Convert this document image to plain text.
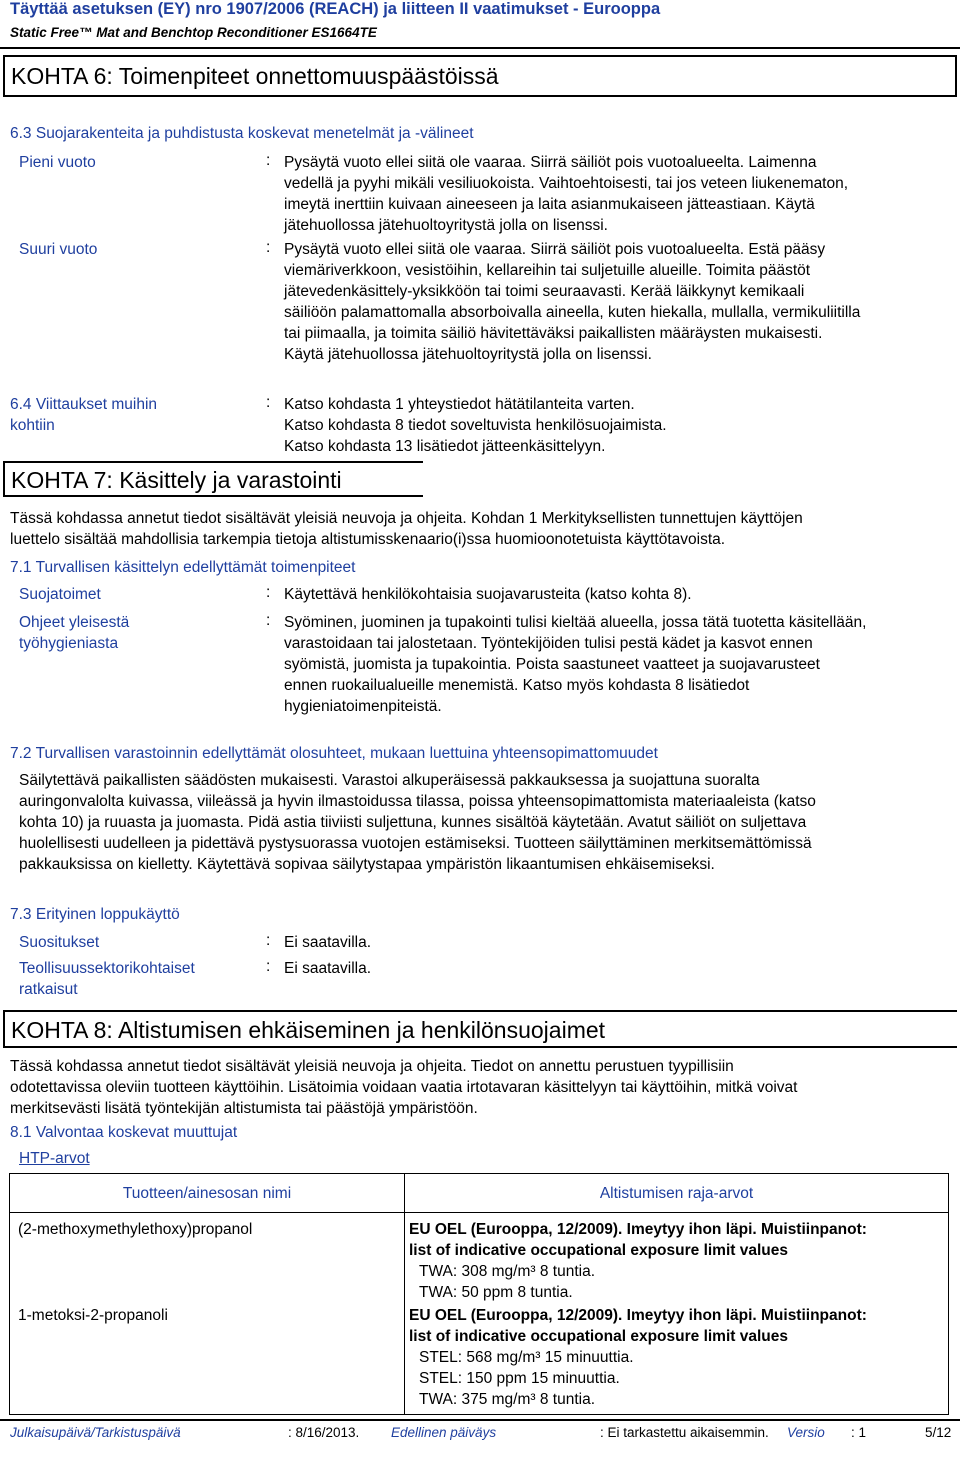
Täyttää asetuksen (EY) nro 1907/2006 (REACH) ja liitteen II vaatimukset - Eurooppa
Static Free™ Mat and Benchtop Reconditioner ES1664TE
KOHTA 6: Toimenpiteet onnettomuuspäästöissä
6.3 Suojarakenteita ja puhdistusta koskevat menetelmät ja -välineet
Pieni vuoto	: Pysäytä vuoto ellei siitä ole vaaraa. Siirrä säiliöt pois vuotoalueelta. Laimenna
vedellä ja pyyhi mikäli vesiliuokoista. Vaihtoehtoisesti, tai jos veteen liukenematon,
imeytä inerttiin kuivaan aineeseen ja laita asianmukaiseen jätteastiaan. Käytä
jätehuollossa jätehuoltoyritystä jolla on lisenssi.
Suuri vuoto	: Pysäytä vuoto ellei siitä ole vaaraa. Siirrä säiliöt pois vuotoalueelta. Estä pääsy
viemäriverkkoon, vesistöihin, kellareihin tai suljetuille alueille. Toimita päästöt
jätevedenkäsittely-yksikköön tai toimi seuraavasti. Kerää läikkynyt kemikaali
säiliöön palamattomalla absorboivalla aineella, kuten hiekalla, mullalla, vermikuliitilla
tai piimaalla, ja toimita säiliö hävitettäväksi paikallisten määräysten mukaisesti.
Käytä jätehuollossa jätehuoltoyritystä jolla on lisenssi.
6.4 Viittaukset muihin
kohtiin
: Katso kohdasta 1 yhteystiedot hätätilanteita varten.
Katso kohdasta 8 tiedot soveltuvista henkilösuojaimista.
Katso kohdasta 13 lisätiedot jätteenkäsittelyyn.
KOHTA 7: Käsittely ja varastointi
Tässä kohdassa annetut tiedot sisältävät yleisiä neuvoja ja ohjeita. Kohdan 1 Merkityksellisten tunnettujen käyttöjen
luettelo sisältää mahdollisia tarkempia tietoja altistumisskenaario(i)ssa huomioonotetuista käyttötavoista.
7.1 Turvallisen käsittelyn edellyttämät toimenpiteet
Suojatoimet	: Käytettävä henkilökohtaisia suojavarusteita (katso kohta 8).
Ohjeet yleisestä
työhygieniasta
: Syöminen, juominen ja tupakointi tulisi kieltää alueella, jossa tätä tuotetta käsitellään,
varastoidaan tai jalostetaan. Työntekijöiden tulisi pestä kädet ja kasvot ennen
syömistä, juomista ja tupakointia. Poista saastuneet vaatteet ja suojavarusteet
ennen ruokailualueille menemistä. Katso myös kohdasta 8 lisätiedot
hygieniatoimenpiteistä.
7.2 Turvallisen varastoinnin edellyttämät olosuhteet, mukaan luettuina yhteensopimattomuudet
Säilytettävä paikallisten säädösten mukaisesti. Varastoi alkuperäisessä pakkauksessa ja suojattuna suoralta
auringonvalolta kuivassa, viileässä ja hyvin ilmastoidussa tilassa, poissa yhteensopimattomista materiaaleista (katso
kohta 10) ja ruuasta ja juomasta. Pidä astia tiiviisti suljettuna, kunnes sisältöä käytetään. Avatut säiliöt on suljettava
huolellisesti uudelleen ja pidettävä pystysuorassa vuotojen estämiseksi. Tuotteen säilyttäminen merkitsemättömissä
pakkauksissa on kielletty. Käytettävä sopivaa säilytystapaa ympäristön likaantumisen ehkäisemiseksi.
7.3 Erityinen loppukäyttö
Suositukset	: Ei saatavilla.
Teollisuussektorikohtaiset
ratkaisut
: Ei saatavilla.
KOHTA 8: Altistumisen ehkäiseminen ja henkilönsuojaimet
Tässä kohdassa annetut tiedot sisältävät yleisiä neuvoja ja ohjeita. Tiedot on annettu perustuen tyypillisiin
odotettavissa oleviin tuotteen käyttöihin. Lisätoimia voidaan vaatia irtotavaran käsittelyyn tai käyttöihin, mitkä voivat
merkitsevästi lisätä työntekijän altistumista tai päästöjä ympäristöön.
8.1 Valvontaa koskevat muuttujat
HTP-arvot
Tuotteen/ainesosan nimi	Altistumisen raja-arvot
(2-methoxymethylethoxy)propanol	EU OEL (Eurooppa, 12/2009). Imeytyy ihon läpi. Muistiinpanot:
list of indicative occupational exposure limit values
TWA: 308 mg/m³ 8 tuntia.
TWA: 50 ppm 8 tuntia.

1-metoksi-2-propanoli	EU OEL (Eurooppa, 12/2009). Imeytyy ihon läpi. Muistiinpanot:
list of indicative occupational exposure limit values
STEL: 568 mg/m³ 15 minuuttia.
STEL: 150 ppm 15 minuuttia.
TWA: 375 mg/m³ 8 tuntia.
Julkaisupäivä/Tarkistuspäivä	: 8/16/2013. Edellinen päiväys	: Ei tarkastettu aikaisemmin. Versio : 1	5/12
